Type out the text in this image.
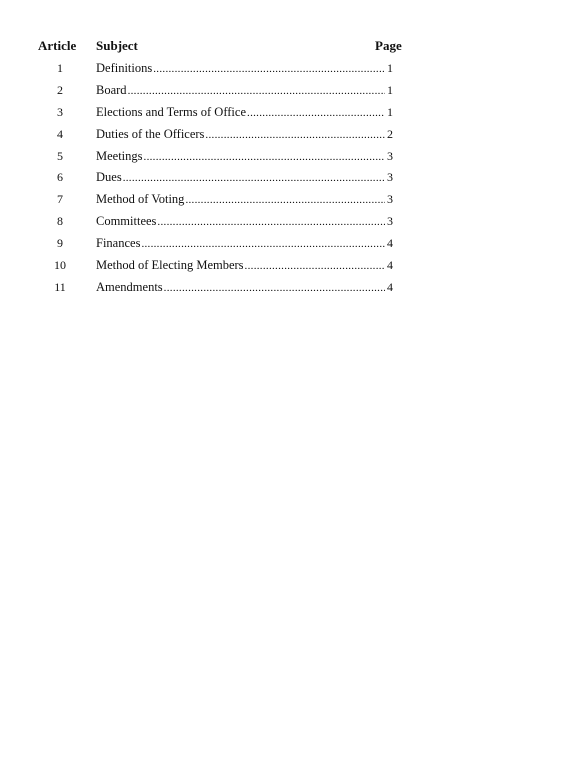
Article Subject	Page
1	Definitions .....	1
2	Board .....	1
3	Elections and Terms of Office .....	1
4	Duties of the Officers .....	2
5	Meetings .....	3
6	Dues .....	3
7	Method of Voting .....	3
8	Committees .....	3
9	Finances .....	4
10	Method of Electing Members .....	4
11	Amendments .....	4
